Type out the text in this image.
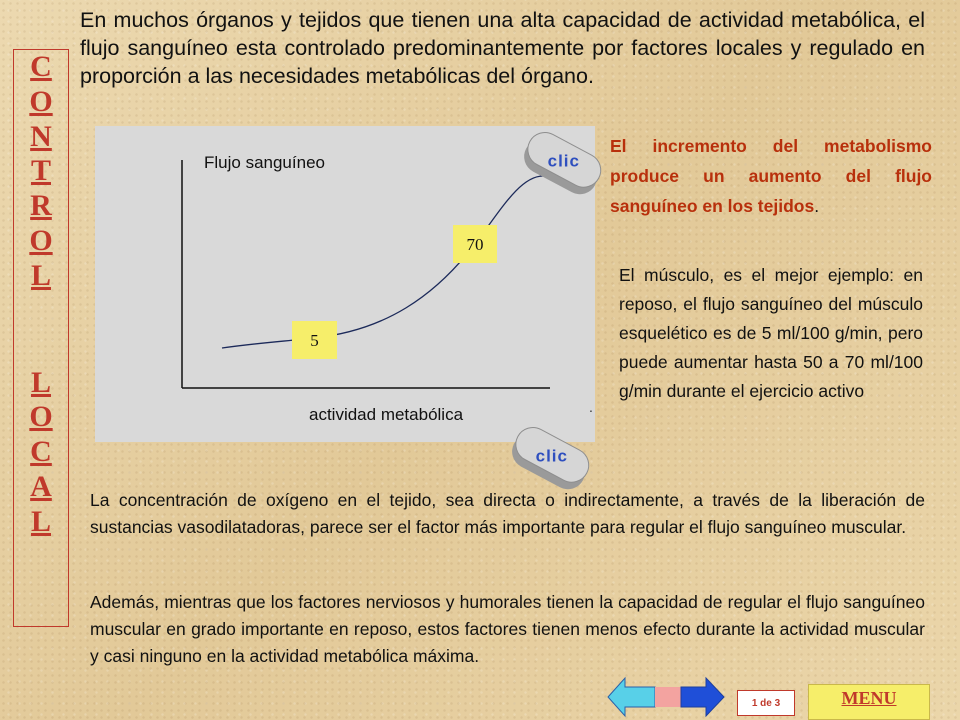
C
O
N
T
R
O
L
L
O
C
A
L
En muchos órganos y tejidos que tienen una alta capacidad de actividad metabólica, el flujo sanguíneo esta controlado predominantemente por factores locales y regulado en proporción a las necesidades metabólicas del órgano.
Flujo sanguíneo
actividad metabólica
5
70
.
clic
clic
El incremento del metabolismo produce un aumento del flujo sanguíneo en los tejidos.
El músculo, es el mejor ejemplo: en reposo, el flujo sanguíneo del músculo esquelético es de 5 ml/100 g/min, pero puede aumentar hasta 50 a 70 ml/100 g/min durante el ejercicio activo
La concentración de oxígeno en el tejido, sea directa o indirectamente, a través de la liberación de sustancias vasodilatadoras, parece ser el factor más importante para regular el flujo sanguíneo muscular.
Además, mientras que los factores nerviosos y humorales tienen la capacidad de regular el flujo sanguíneo muscular en grado importante en reposo, estos factores tienen menos efecto durante la actividad muscular y casi ninguno en la actividad metabólica máxima.
1 de 3	MENU
